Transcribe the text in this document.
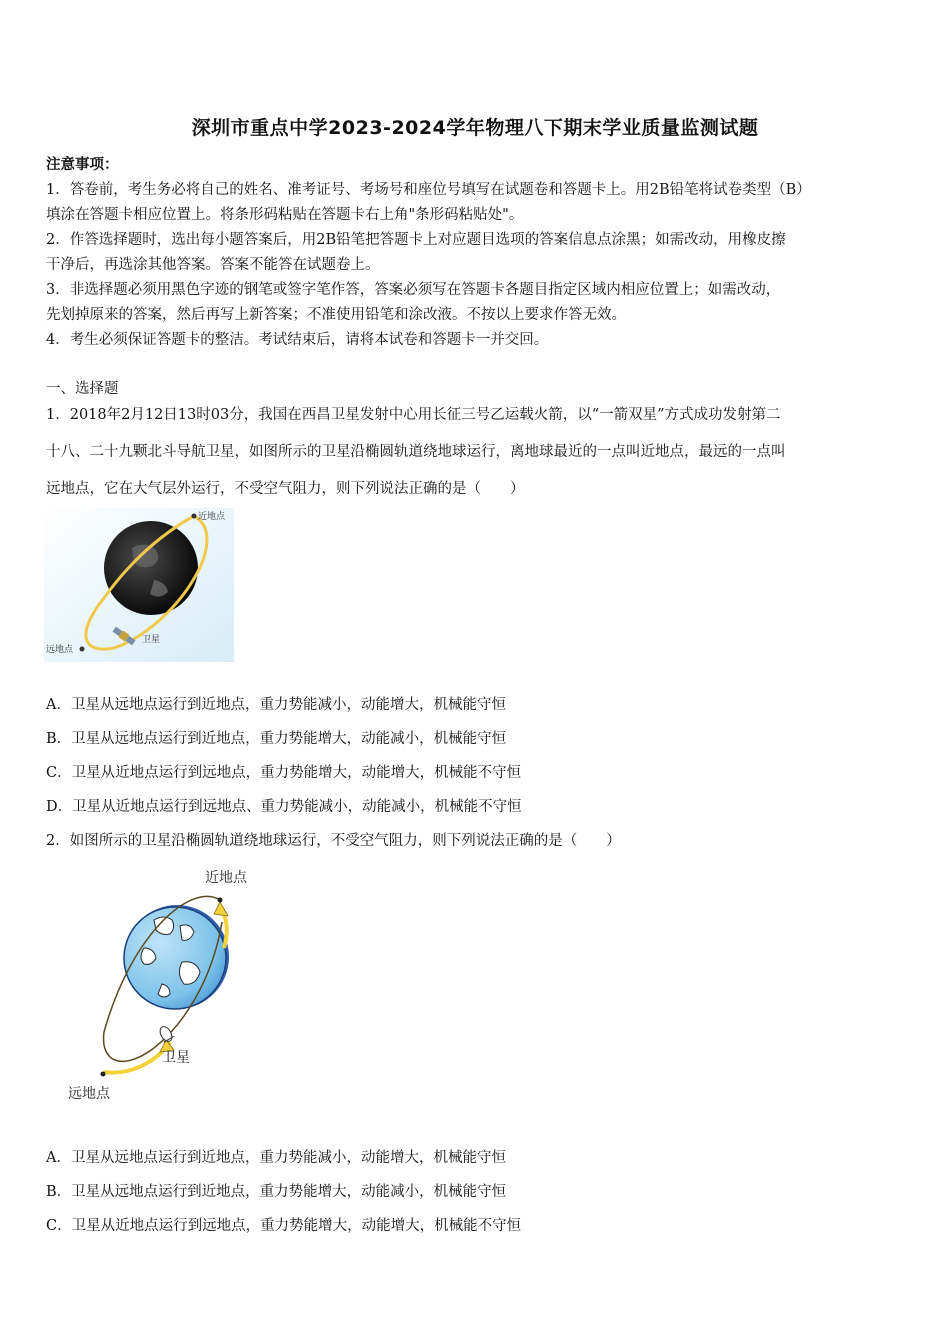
深圳市重点中学2023-2024学年物理八下期末学业质量监测试题
注意事项：
1．答卷前，考生务必将自己的姓名、准考证号、考场号和座位号填写在试题卷和答题卡上。用2B铅笔将试卷类型（B）
填涂在答题卡相应位置上。将条形码粘贴在答题卡右上角"条形码粘贴处"。
2．作答选择题时，选出每小题答案后，用2B铅笔把答题卡上对应题目选项的答案信息点涂黑；如需改动，用橡皮擦
干净后，再选涂其他答案。答案不能答在试题卷上。
3．非选择题必须用黑色字迹的钢笔或签字笔作答，答案必须写在答题卡各题目指定区域内相应位置上；如需改动，
先划掉原来的答案，然后再写上新答案；不准使用铅笔和涂改液。不按以上要求作答无效。
4．考生必须保证答题卡的整洁。考试结束后，请将本试卷和答题卡一并交回。
一、选择题
1．2018年2月12日13时03分，我国在西昌卫星发射中心用长征三号乙运载火箭，以“一箭双星”方式成功发射第二
十八、二十九颗北斗导航卫星，如图所示的卫星沿椭圆轨道绕地球运行，离地球最近的一点叫近地点，最远的一点叫
远地点，它在大气层外运行，不受空气阻力，则下列说法正确的是（　　）
近地点
远地点
卫星
A．卫星从远地点运行到近地点，重力势能减小，动能增大，机械能守恒
B．卫星从远地点运行到近地点，重力势能增大，动能减小，机械能守恒
C．卫星从近地点运行到远地点，重力势能增大，动能增大，机械能不守恒
D．卫星从近地点运行到远地点、重力势能减小，动能减小，机械能不守恒
2．如图所示的卫星沿椭圆轨道绕地球运行，不受空气阻力，则下列说法正确的是（　　）
近地点
远地点
卫星
A．卫星从远地点运行到近地点，重力势能减小，动能增大，机械能守恒
B．卫星从远地点运行到近地点，重力势能增大，动能减小，机械能守恒
C．卫星从近地点运行到远地点，重力势能增大，动能增大，机械能不守恒
